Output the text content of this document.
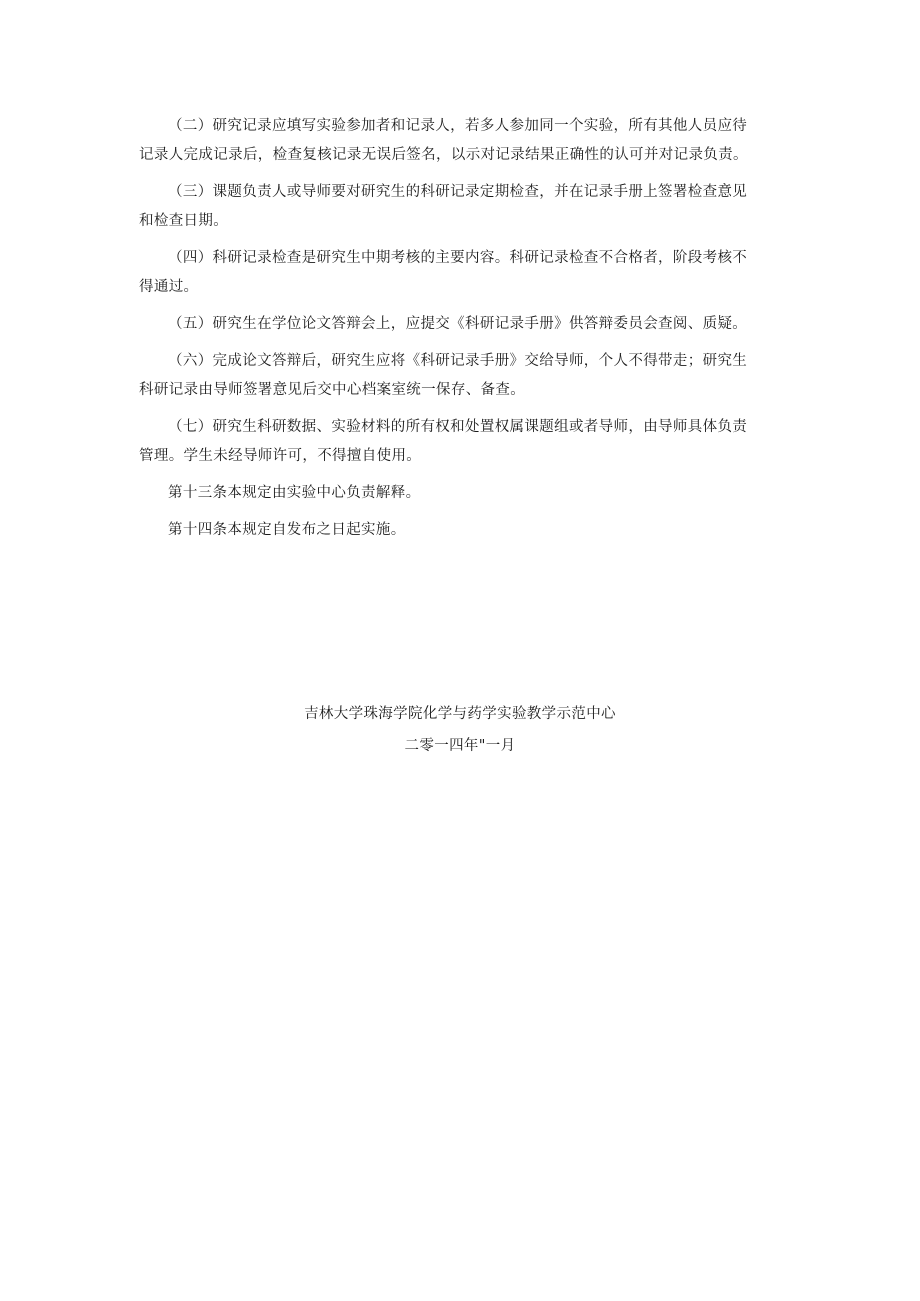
（二）研究记录应填写实验参加者和记录人，若多人参加同一个实验，所有其他人员应待
记录人完成记录后，检查复核记录无误后签名，以示对记录结果正确性的认可并对记录负责。

（三）课题负责人或导师要对研究生的科研记录定期检查，并在记录手册上签署检查意见
和检查日期。

（四）科研记录检查是研究生中期考核的主要内容。科研记录检查不合格者，阶段考核不
得通过。

（五）研究生在学位论文答辩会上，应提交《科研记录手册》供答辩委员会查阅、质疑。

（六）完成论文答辩后，研究生应将《科研记录手册》交给导师，个人不得带走；研究生
科研记录由导师签署意见后交中心档案室统一保存、备查。

（七）研究生科研数据、实验材料的所有权和处置权属课题组或者导师，由导师具体负责
管理。学生未经导师许可，不得擅自使用。

第十三条本规定由实验中心负责解释。

第十四条本规定自发布之日起实施。

吉林大学珠海学院化学与药学实验教学示范中心
二零一四年"一月
